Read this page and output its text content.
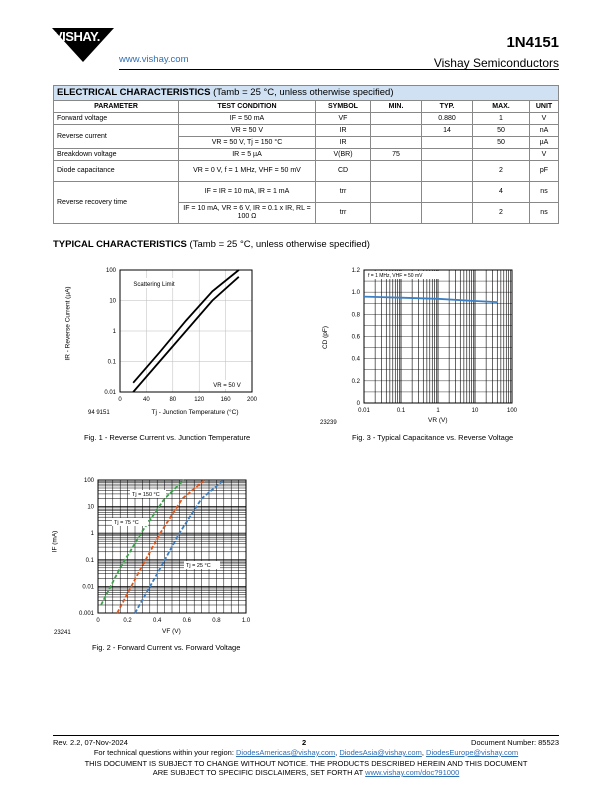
VISHAY.
www.vishay.com
1N4151
Vishay Semiconductors
ELECTRICAL CHARACTERISTICS (Tamb = 25 °C, unless otherwise specified)						
PARAMETER	TEST CONDITION	SYMBOL	MIN.	TYP.	MAX.	UNIT
Forward voltage	IF = 50 mA	VF		0.880	1	V
Reverse current	VR = 50 V	IR		14	50	nA
	VR = 50 V, Tj = 150 °C	IR			50	µA
Breakdown voltage	IR = 5 µA	V(BR)	75			V
Diode capacitance	VR = 0 V, f = 1 MHz, VHF = 50 mV	CD			2	pF
Reverse recovery time	IF = IR = 10 mA, IR = 1 mA	trr			4	ns
	IF = 10 mA, VR = 6 V, IR = 0.1 x IR, RL = 100 Ω	trr			2	ns
TYPICAL CHARACTERISTICS (Tamb = 25 °C, unless otherwise specified)
0	40	80	120	160	200
0.01
0.1
1
10
100
Scattering Limit
VR = 50 V
IR - Reverse Current (µA)
Tj - Junction Temperature (°C)
94 9151
Fig. 1 - Reverse Current vs. Junction Temperature
0.01	0.1	1	10	100
0
0.2
0.4
0.6
0.8
1.0
1.2
f = 1 MHz, VHF = 50 mV
CD (pF)
VR (V)
23239
Fig. 3 - Typical Capacitance vs. Reverse Voltage
0	0.2	0.4	0.6	0.8	1.0
0.001
0.01
0.1
1
10
100
Tj = 150 °C
Tj = 75 °C
Tj = 25 °C
IF (mA)
VF (V)
23241
Fig. 2 - Forward Current vs. Forward Voltage
Rev. 2.2, 07-Nov-2024	2	Document Number: 85523
For technical questions within your region: DiodesAmericas@vishay.com, DiodesAsia@vishay.com, DiodesEurope@vishay.com
THIS DOCUMENT IS SUBJECT TO CHANGE WITHOUT NOTICE. THE PRODUCTS DESCRIBED HEREIN AND THIS DOCUMENT
ARE SUBJECT TO SPECIFIC DISCLAIMERS, SET FORTH AT www.vishay.com/doc?91000
